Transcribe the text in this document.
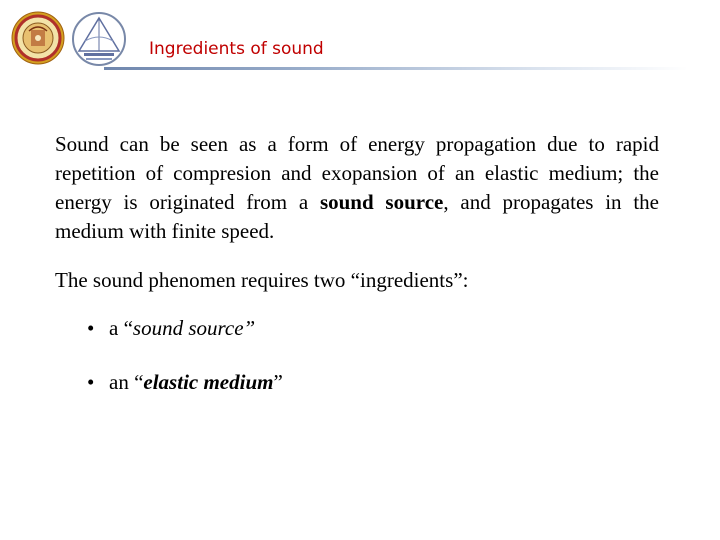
Ingredients of sound

Sound can be seen as a form of energy propagation due to rapid repetition of compresion and exopansion of an elastic medium; the energy is originated from a sound source, and propagates in the medium with finite speed.

The sound phenomen requires two “ingredients”:

• a “sound source”
• an “elastic medium”
